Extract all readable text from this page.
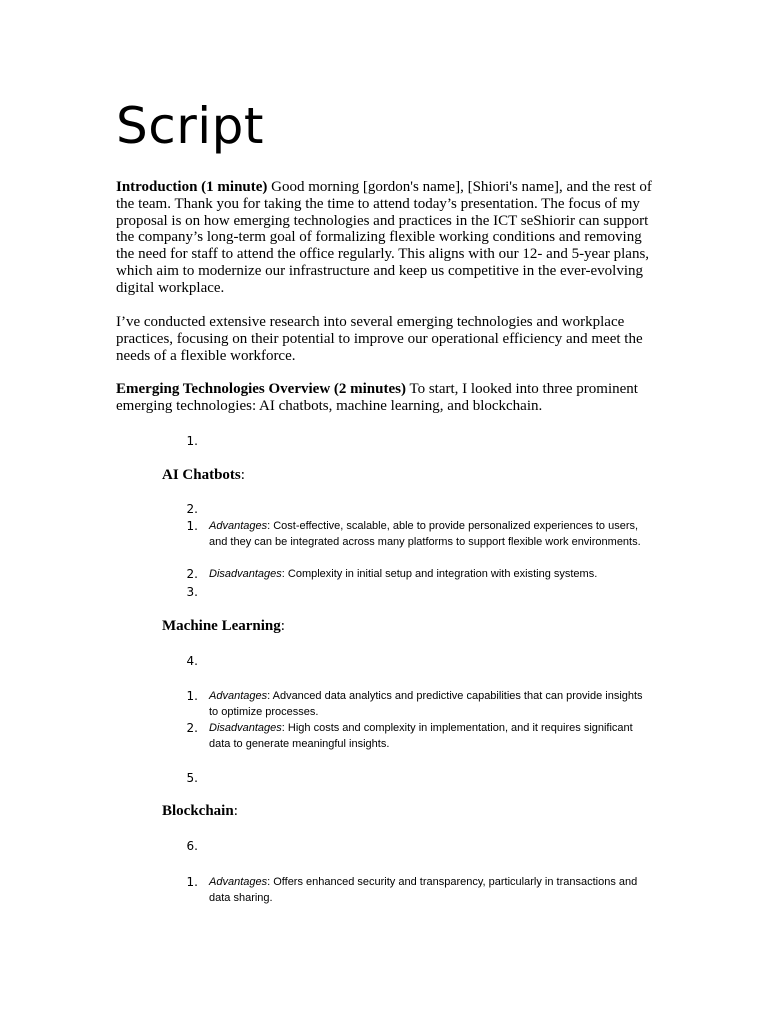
Script

Introduction (1 minute) Good morning [gordon's name], [Shiori's name], and the rest of the team. Thank you for taking the time to attend today’s presentation. The focus of my proposal is on how emerging technologies and practices in the ICT seShiorir can support the company’s long-term goal of formalizing flexible working conditions and removing the need for staff to attend the office regularly. This aligns with our 12- and 5-year plans, which aim to modernize our infrastructure and keep us competitive in the ever-evolving digital workplace.

I’ve conducted extensive research into several emerging technologies and workplace practices, focusing on their potential to improve our operational efficiency and meet the needs of a flexible workforce.

Emerging Technologies Overview (2 minutes) To start, I looked into three prominent emerging technologies: AI chatbots, machine learning, and blockchain.

1.

AI Chatbots:

2.
1. Advantages: Cost-effective, scalable, able to provide personalized experiences to users, and they can be integrated across many platforms to support flexible work environments.

2. Disadvantages: Complexity in initial setup and integration with existing systems.

3.

Machine Learning:

4.
1. Advantages: Advanced data analytics and predictive capabilities that can provide insights to optimize processes.

2. Disadvantages: High costs and complexity in implementation, and it requires significant data to generate meaningful insights.

5.

Blockchain:

6.
1. Advantages: Offers enhanced security and transparency, particularly in transactions and data sharing.
